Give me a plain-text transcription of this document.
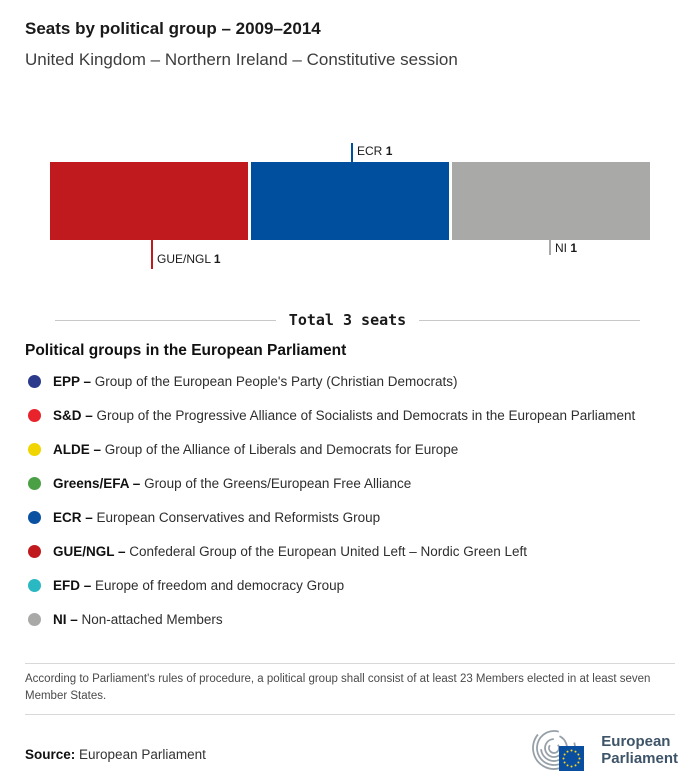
Seats by political group – 2009–2014
United Kingdom – Northern Ireland – Constitutive session
ECR 1
GUE/NGL 1
NI 1
Total 3 seats
Political groups in the European Parliament
EPP – Group of the European People's Party (Christian Democrats)
S&D – Group of the Progressive Alliance of Socialists and Democrats in the European Parliament
ALDE – Group of the Alliance of Liberals and Democrats for Europe
Greens/EFA – Group of the Greens/European Free Alliance
ECR – European Conservatives and Reformists Group
GUE/NGL – Confederal Group of the European United Left – Nordic Green Left
EFD – Europe of freedom and democracy Group
NI – Non-attached Members
According to Parliament's rules of procedure, a political group shall consist of at least 23 Members elected in at least seven Member States.
Source: European Parliament
European
Parliament
